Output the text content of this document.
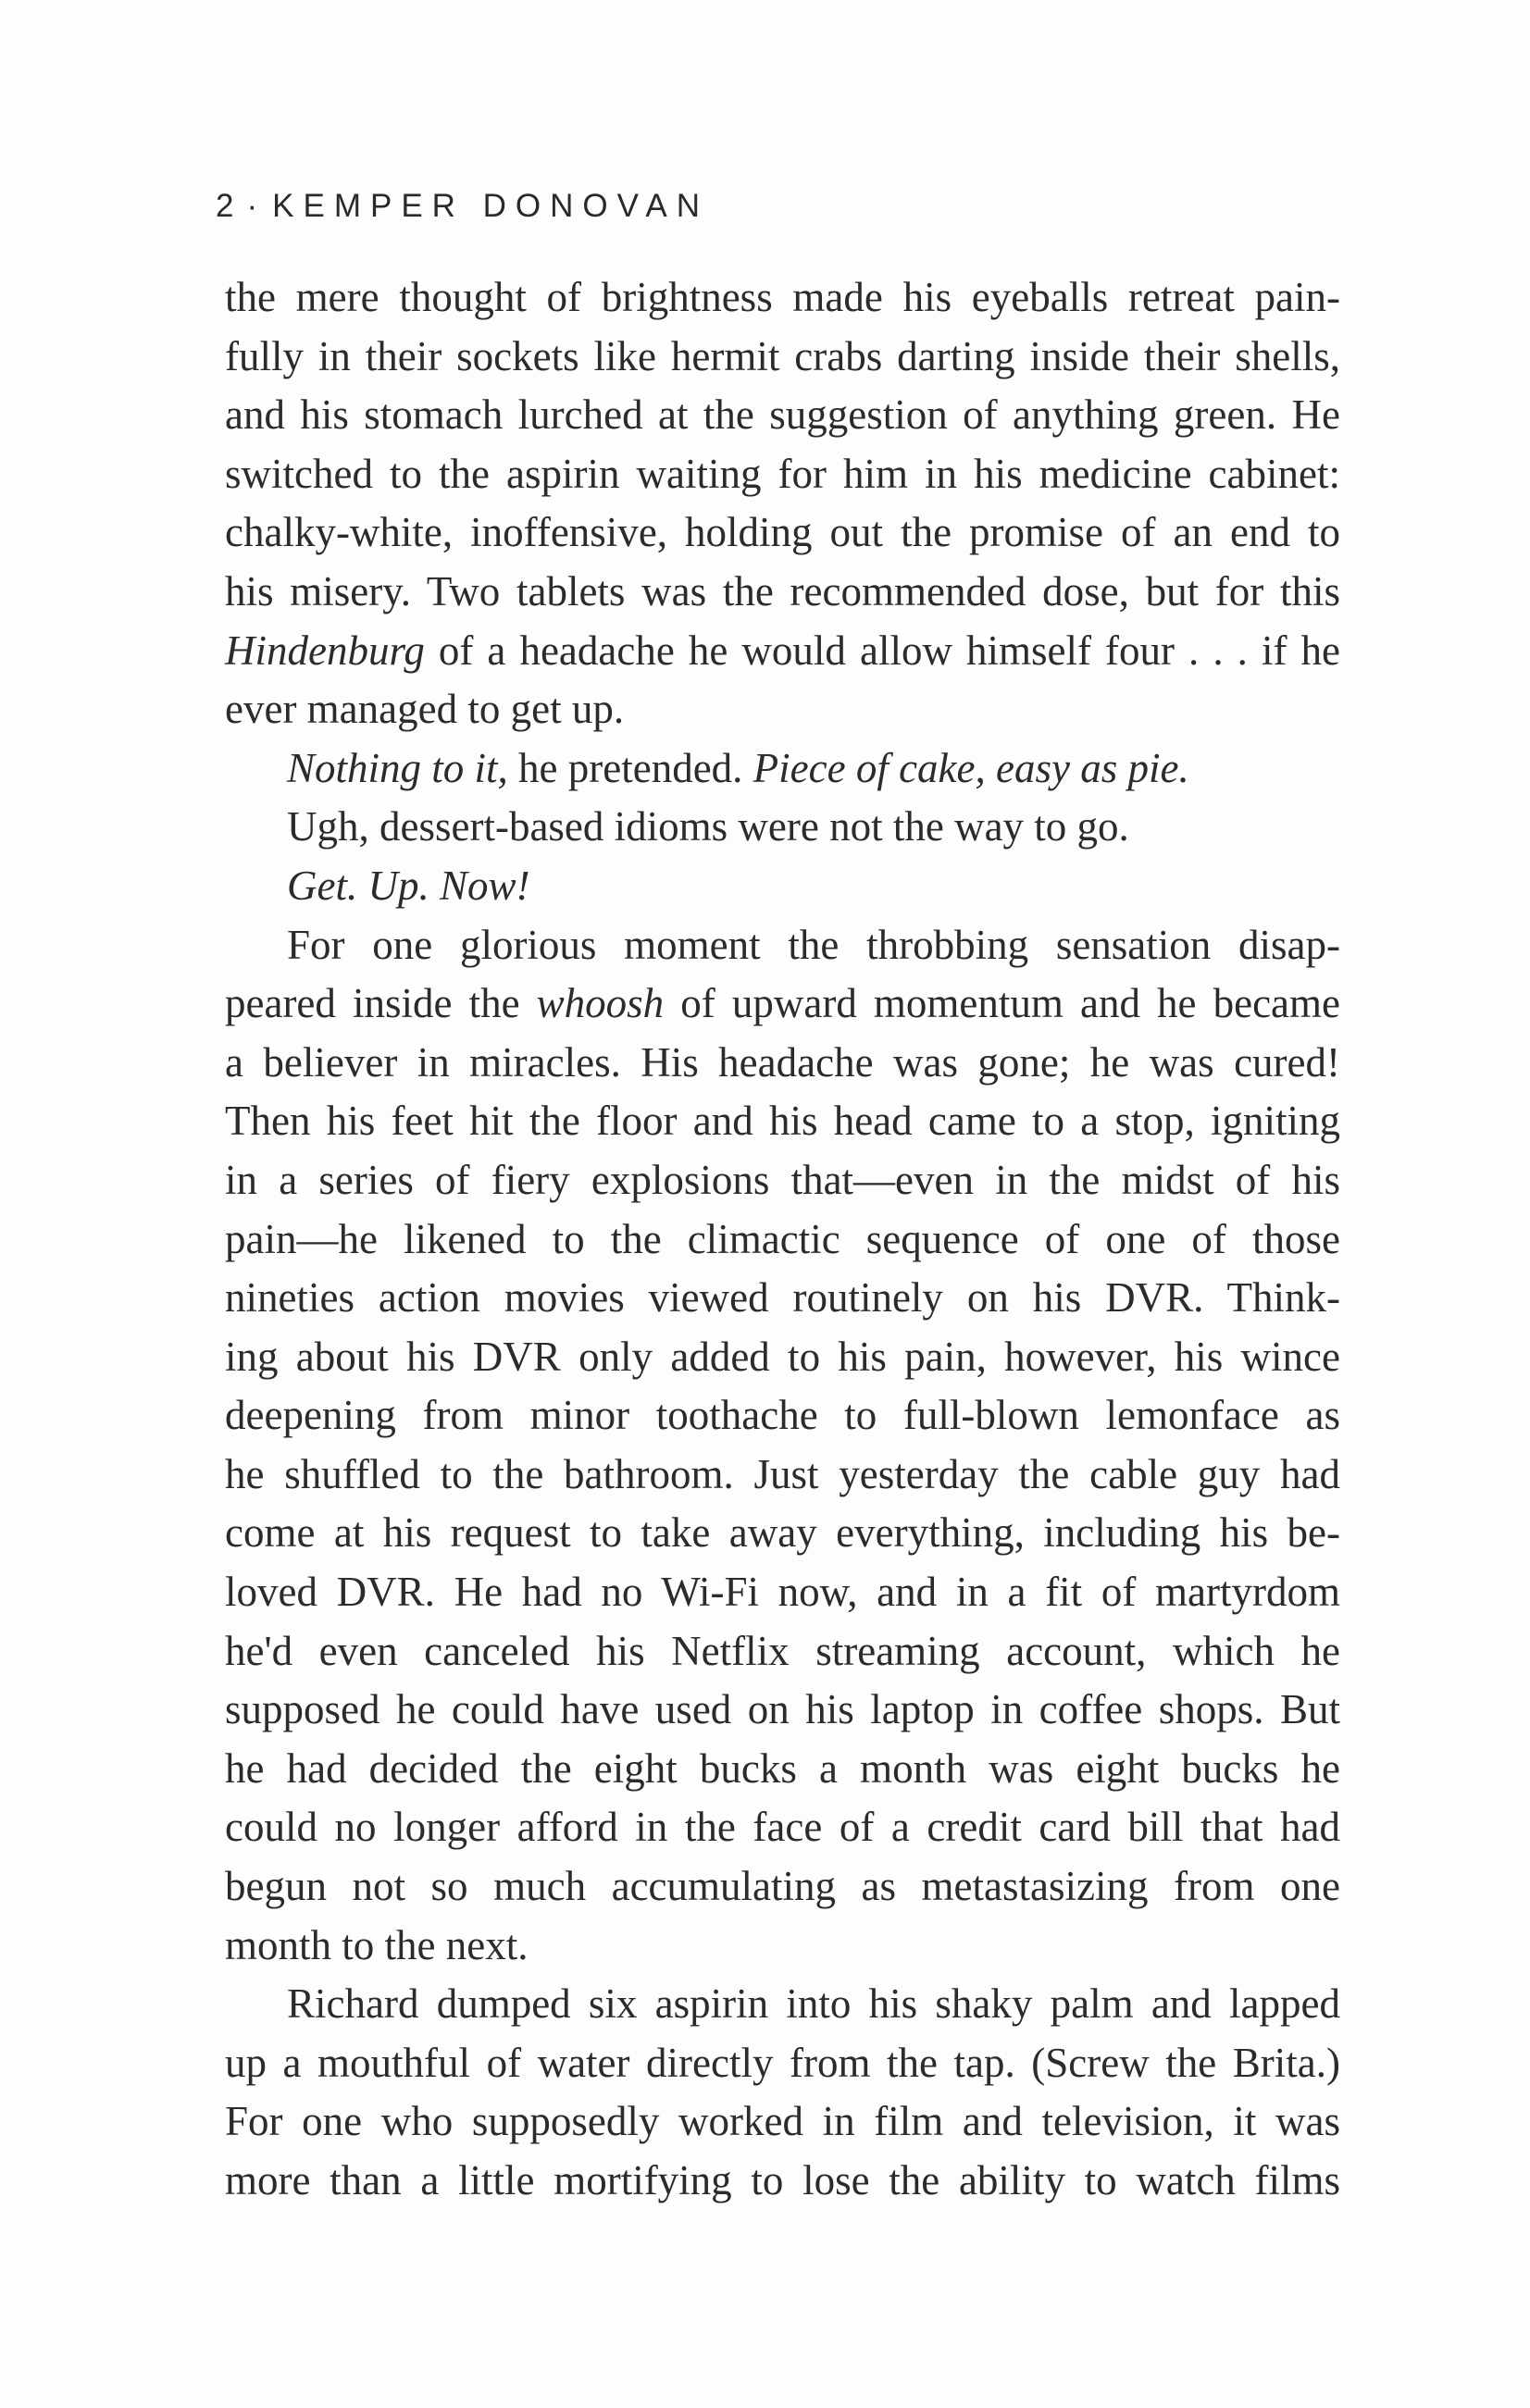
2 · KEMPER DONOVAN
the mere thought of brightness made his eyeballs retreat pain-
fully in their sockets like hermit crabs darting inside their shells,
and his stomach lurched at the suggestion of anything green. He
switched to the aspirin waiting for him in his medicine cabinet:
chalky-white, inoffensive, holding out the promise of an end to
his misery. Two tablets was the recommended dose, but for this
Hindenburg of a headache he would allow himself four . . . if he
ever managed to get up.
Nothing to it, he pretended. Piece of cake, easy as pie.
Ugh, dessert-based idioms were not the way to go.
Get. Up. Now!
For one glorious moment the throbbing sensation disap-
peared inside the whoosh of upward momentum and he became
a believer in miracles. His headache was gone; he was cured!
Then his feet hit the floor and his head came to a stop, igniting
in a series of fiery explosions that—even in the midst of his
pain—he likened to the climactic sequence of one of those
nineties action movies viewed routinely on his DVR. Think-
ing about his DVR only added to his pain, however, his wince
deepening from minor toothache to full-blown lemonface as
he shuffled to the bathroom. Just yesterday the cable guy had
come at his request to take away everything, including his be-
loved DVR. He had no Wi-Fi now, and in a fit of martyrdom
he'd even canceled his Netflix streaming account, which he
supposed he could have used on his laptop in coffee shops. But
he had decided the eight bucks a month was eight bucks he
could no longer afford in the face of a credit card bill that had
begun not so much accumulating as metastasizing from one
month to the next.
Richard dumped six aspirin into his shaky palm and lapped
up a mouthful of water directly from the tap. (Screw the Brita.)
For one who supposedly worked in film and television, it was
more than a little mortifying to lose the ability to watch films
